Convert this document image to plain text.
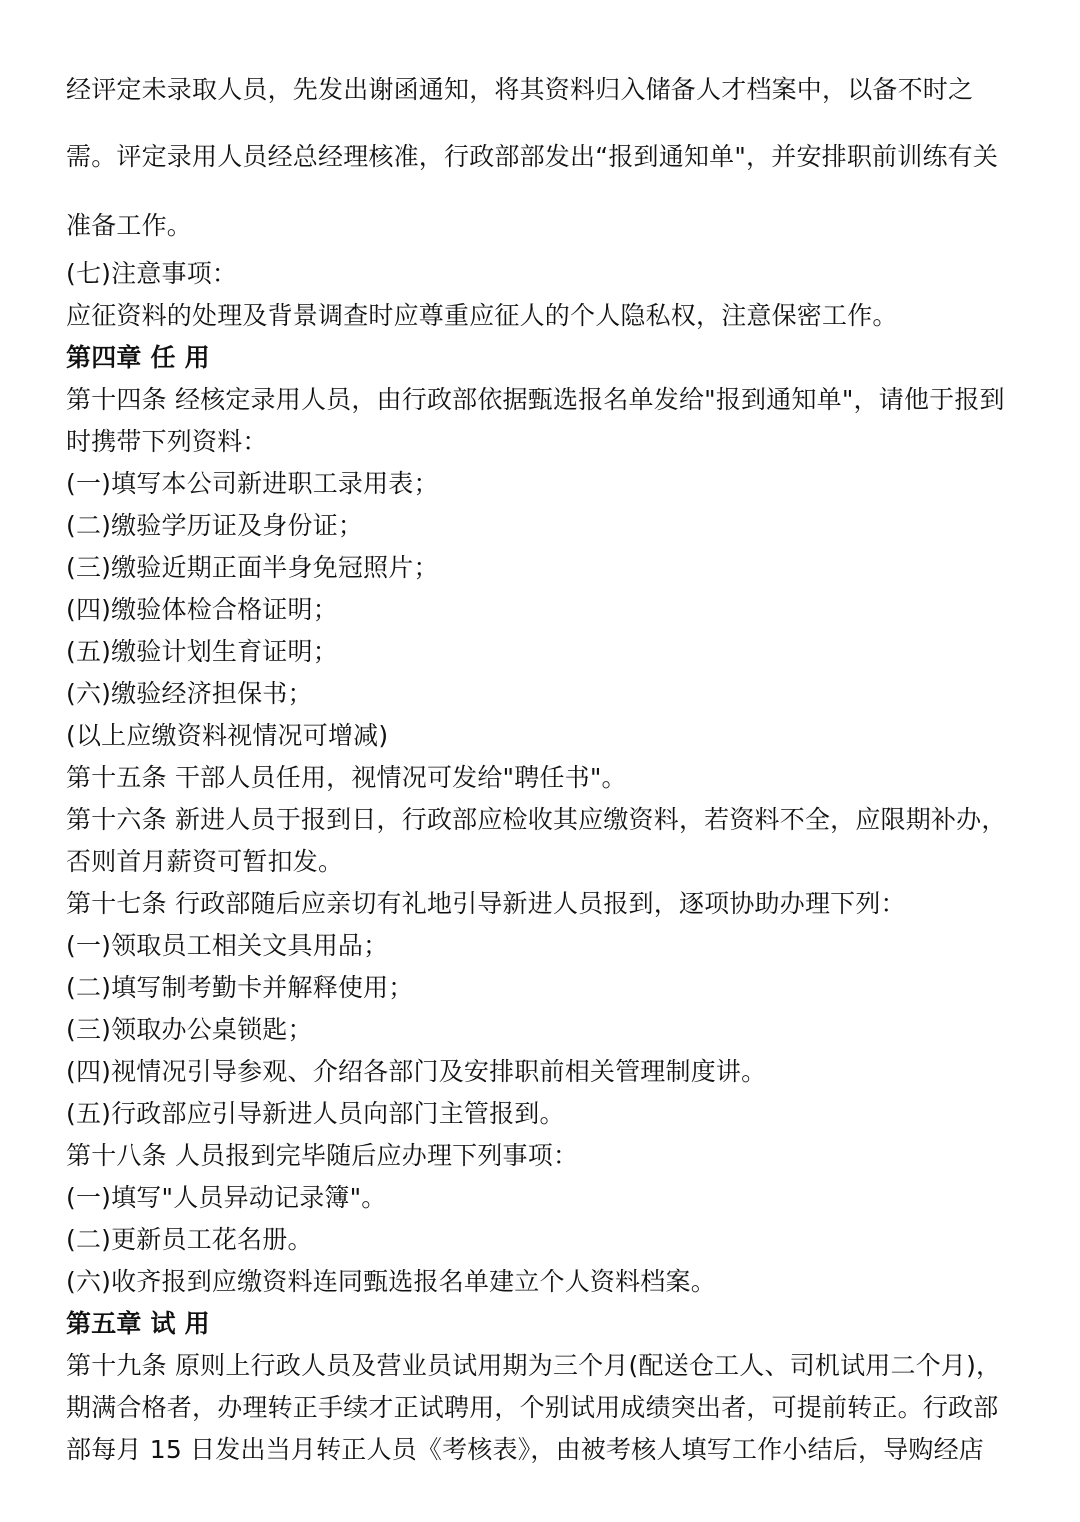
经评定未录取人员，先发出谢函通知，将其资料归入储备人才档案中，以备不时之
需。评定录用人员经总经理核准，行政部部发出“报到通知单"，并安排职前训练有关
准备工作。
(七)注意事项：
应征资料的处理及背景调查时应尊重应征人的个人隐私权，注意保密工作。
第四章 任 用
第十四条 经核定录用人员，由行政部依据甄选报名单发给"报到通知单"，请他于报到
时携带下列资料：
(一)填写本公司新进职工录用表；
(二)缴验学历证及身份证；
(三)缴验近期正面半身免冠照片；
(四)缴验体检合格证明；
(五)缴验计划生育证明；
(六)缴验经济担保书；
(以上应缴资料视情况可增减)
第十五条 干部人员任用，视情况可发给"聘任书"。
第十六条 新进人员于报到日，行政部应检收其应缴资料，若资料不全，应限期补办，
否则首月薪资可暂扣发。
第十七条 行政部随后应亲切有礼地引导新进人员报到，逐项协助办理下列：
(一)领取员工相关文具用品；
(二)填写制考勤卡并解释使用；
(三)领取办公桌锁匙；
(四)视情况引导参观、介绍各部门及安排职前相关管理制度讲。
(五)行政部应引导新进人员向部门主管报到。
第十八条 人员报到完毕随后应办理下列事项：
(一)填写"人员异动记录簿"。
(二)更新员工花名册。
(六)收齐报到应缴资料连同甄选报名单建立个人资料档案。
第五章 试 用
第十九条 原则上行政人员及营业员试用期为三个月(配送仓工人、司机试用二个月)，
期满合格者，办理转正手续才正试聘用，个别试用成绩突出者，可提前转正。行政部
部每月 15 日发出当月转正人员《考核表》，由被考核人填写工作小结后，导购经店
